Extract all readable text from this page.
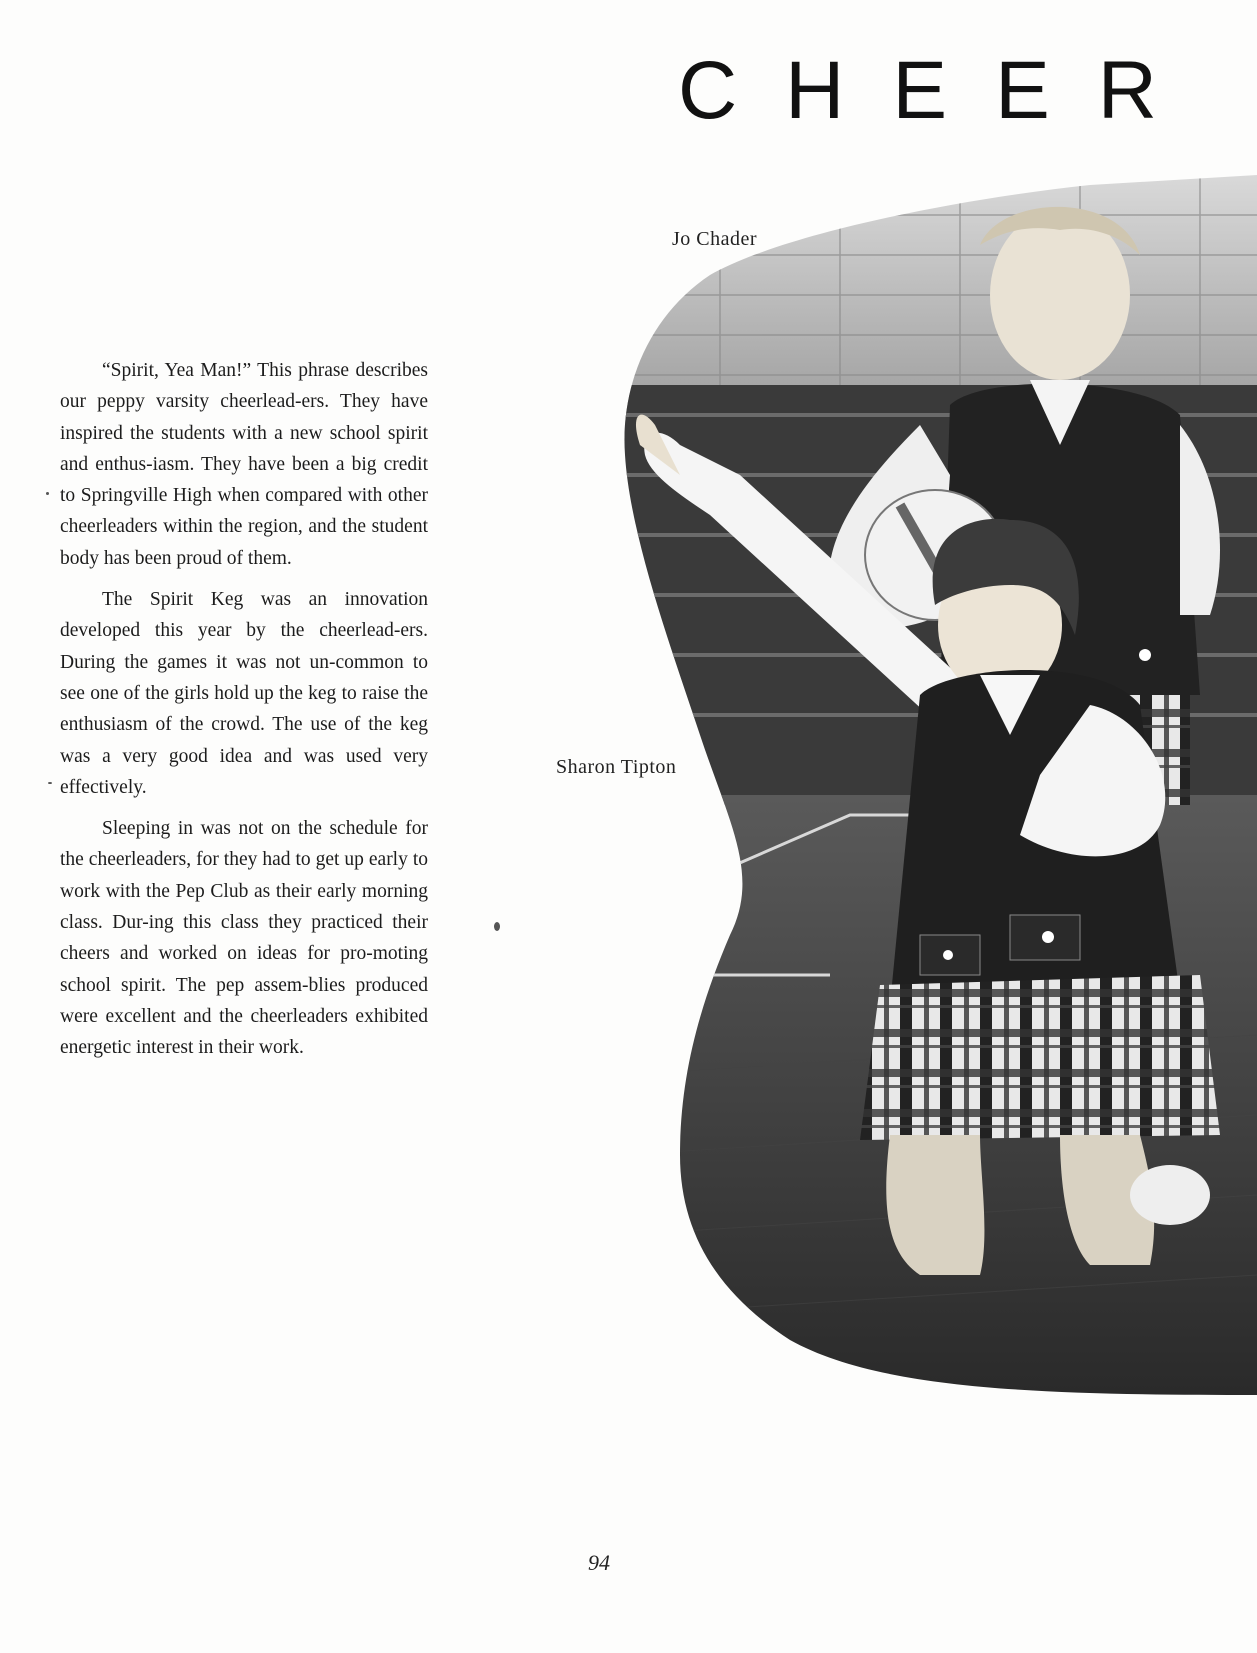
CHEER
Jo Chader
Sharon Tipton

“Spirit, Yea Man!” This phrase describes our peppy varsity cheerlead-ers. They have inspired the students with a new school spirit and enthus-iasm. They have been a big credit to Springville High when compared with other cheerleaders within the region, and the student body has been proud of them.

The Spirit Keg was an innovation developed this year by the cheerlead-ers. During the games it was not un-common to see one of the girls hold up the keg to raise the enthusiasm of the crowd. The use of the keg was a very good idea and was used very effectively.

Sleeping in was not on the schedule for the cheerleaders, for they had to get up early to work with the Pep Club as their early morning class. Dur-ing this class they practiced their cheers and worked on ideas for pro-moting school spirit. The pep assem-blies produced were excellent and the cheerleaders exhibited energetic interest in their work.

94
